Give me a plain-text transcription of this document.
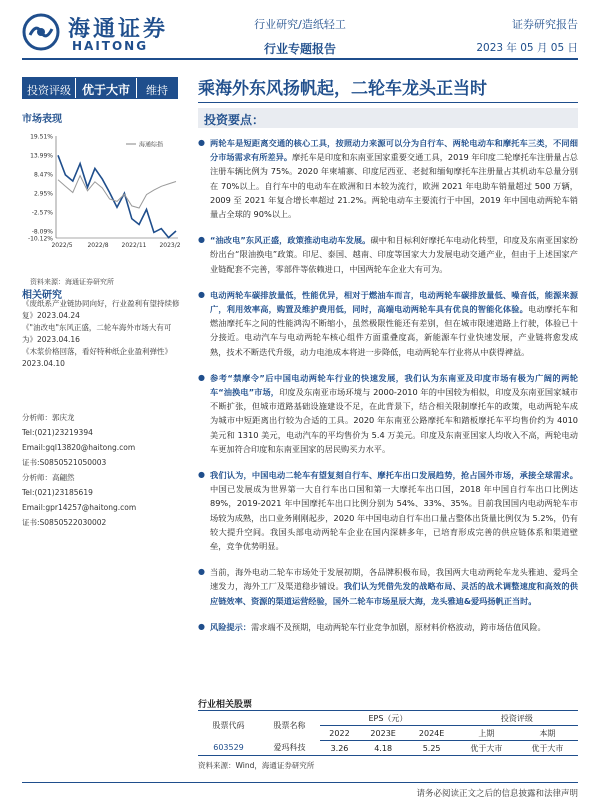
海通证券
HAITONG
行业研究/造纸轻工
行业专题报告
证券研究报告
2023 年 05 月 05 日
投资评级 优于大市	维持	乘海外东风扬帆起，二轮车龙头正当时
市场表现
19.51%
13.99%
8.47%
2.95%
-2.57%
-8.09%
-10.12%
2022/5 2022/8 2022/11 2023/2
海通综指
资料来源：海通证券研究所
相关研究
《废纸系产业链协同向好，行业盈利有望持续修复》2023.04.24
《"油改电"东风正盛，二轮车海外市场大有可为》2023.04.16
《木浆价格回落，看好特种纸企业盈利弹性》2023.04.10
分析师：郭庆龙
Tel:(021)23219394
Email:gql13820@haitong.com
证书:S0850521050003
分析师：高翩然
Tel:(021)23185619
Email:gpr14257@haitong.com
证书:S0850522030002
投资要点：
● 两轮车是短距离交通的核心工具，按照动力来源可以分为自行车、两轮电动车和摩托车三类，不同细分市场需求有所差异。摩托车是印度和东南亚国家重要交通工具，2019 年印度二轮摩托车注册量占总注册车辆比例为 75%。2020 年柬埔寨、印度尼西亚、老挝和缅甸摩托车注册量占其机动车总量分别在 70%以上。自行车中的电动车在欧洲和日本较为流行，欧洲 2021 年电助车销量超过 500 万辆，2009 至 2021 年复合增长率超过 21.2%。两轮电动车主要流行于中国，2019 年中国电动两轮车销量占全球的 90%以上。
● “油改电”东风正盛，政策推动电动车发展。碳中和目标利好摩托车电动化转型，印度及东南亚国家纷纷出台“限油换电”政策。印尼、泰国、越南、印度等国家大力发展电动交通产业，但由于上述国家产业链配套不完善，零部件等依赖进口，中国两轮车企业大有可为。
● 电动两轮车碳排放量低，性能优异，相对于燃油车而言，电动两轮车碳排放量低、噪音低，能源来源广，利用效率高，购置及维护费用低，同时，高端电动两轮车具有优良的智能化体验。电动摩托车和燃油摩托车之间的性能鸿沟不断缩小，虽然极限性能还有差别，但在城市限速道路上行驶，体验已十分接近。电动汽车与电动两轮车核心组件方面重叠度高，新能源车行业快速发展，产业链将愈发成熟，技术不断迭代升级，动力电池成本将进一步降低，电动两轮车行业将从中获得裨益。
● 参考“禁摩令”后中国电动两轮车行业的快速发展，我们认为东南亚及印度市场有极为广阔的两轮车“油换电”市场，印度及东南亚市场环境与 2000-2010 年的中国较为相似，印度及东南亚国家城市不断扩张，但城市道路基础设施建设不足，在此背景下，结合相关限制摩托车的政策，电动两轮车成为城市中短距离出行较为合适的工具。2020 年东南亚公路摩托车和踏板摩托车平均售价约为 4010 美元和 1310 美元，电动汽车的平均售价为 5.4 万美元。印度及东南亚国家人均收入不高，两轮电动车更加符合印度和东南亚国家的居民购买力水平。
● 我们认为，中国电动二轮车有望复刻自行车、摩托车出口发展趋势，抢占国外市场，承接全球需求。中国已发展成为世界第一大自行车出口国和第一大摩托车出口国，2018 年中国自行车出口比例达 89%，2019-2021 年中国摩托车出口比例分别为 54%、33%、35%。目前我国国内电动两轮车市场较为成熟，出口业务刚刚起步，2020 年中国电动自行车出口量占整体出货量比例仅为 5.2%，仍有较大提升空间。我国头部电动两轮车企业在国内深耕多年，已培育形成完善的供应链体系和渠道壁垒，竞争优势明显。
● 当前，海外电动二轮车市场处于发展初期，各品牌积极布局，我国两大电动两轮车龙头雅迪、爱玛全速发力，海外工厂及渠道稳步铺设。我们认为凭借先发的战略布局、灵活的战术调整速度和高效的供应链效率、资源的渠道运营经验，国外二轮车市场星辰大海，龙头雅迪&爱玛扬帆正当时。
● 风险提示：需求端不及预期，电动两轮车行业竞争加剧，原材料价格波动，跨市场估值风险。
行业相关股票
股票代码	股票名称	EPS（元）			投资评级	
		2022	2023E	2024E	上期	本期
603529	爱玛科技	3.26	4.18	5.25	优于大市	优于大市
资料来源：Wind，海通证券研究所
请务必阅读正文之后的信息披露和法律声明
